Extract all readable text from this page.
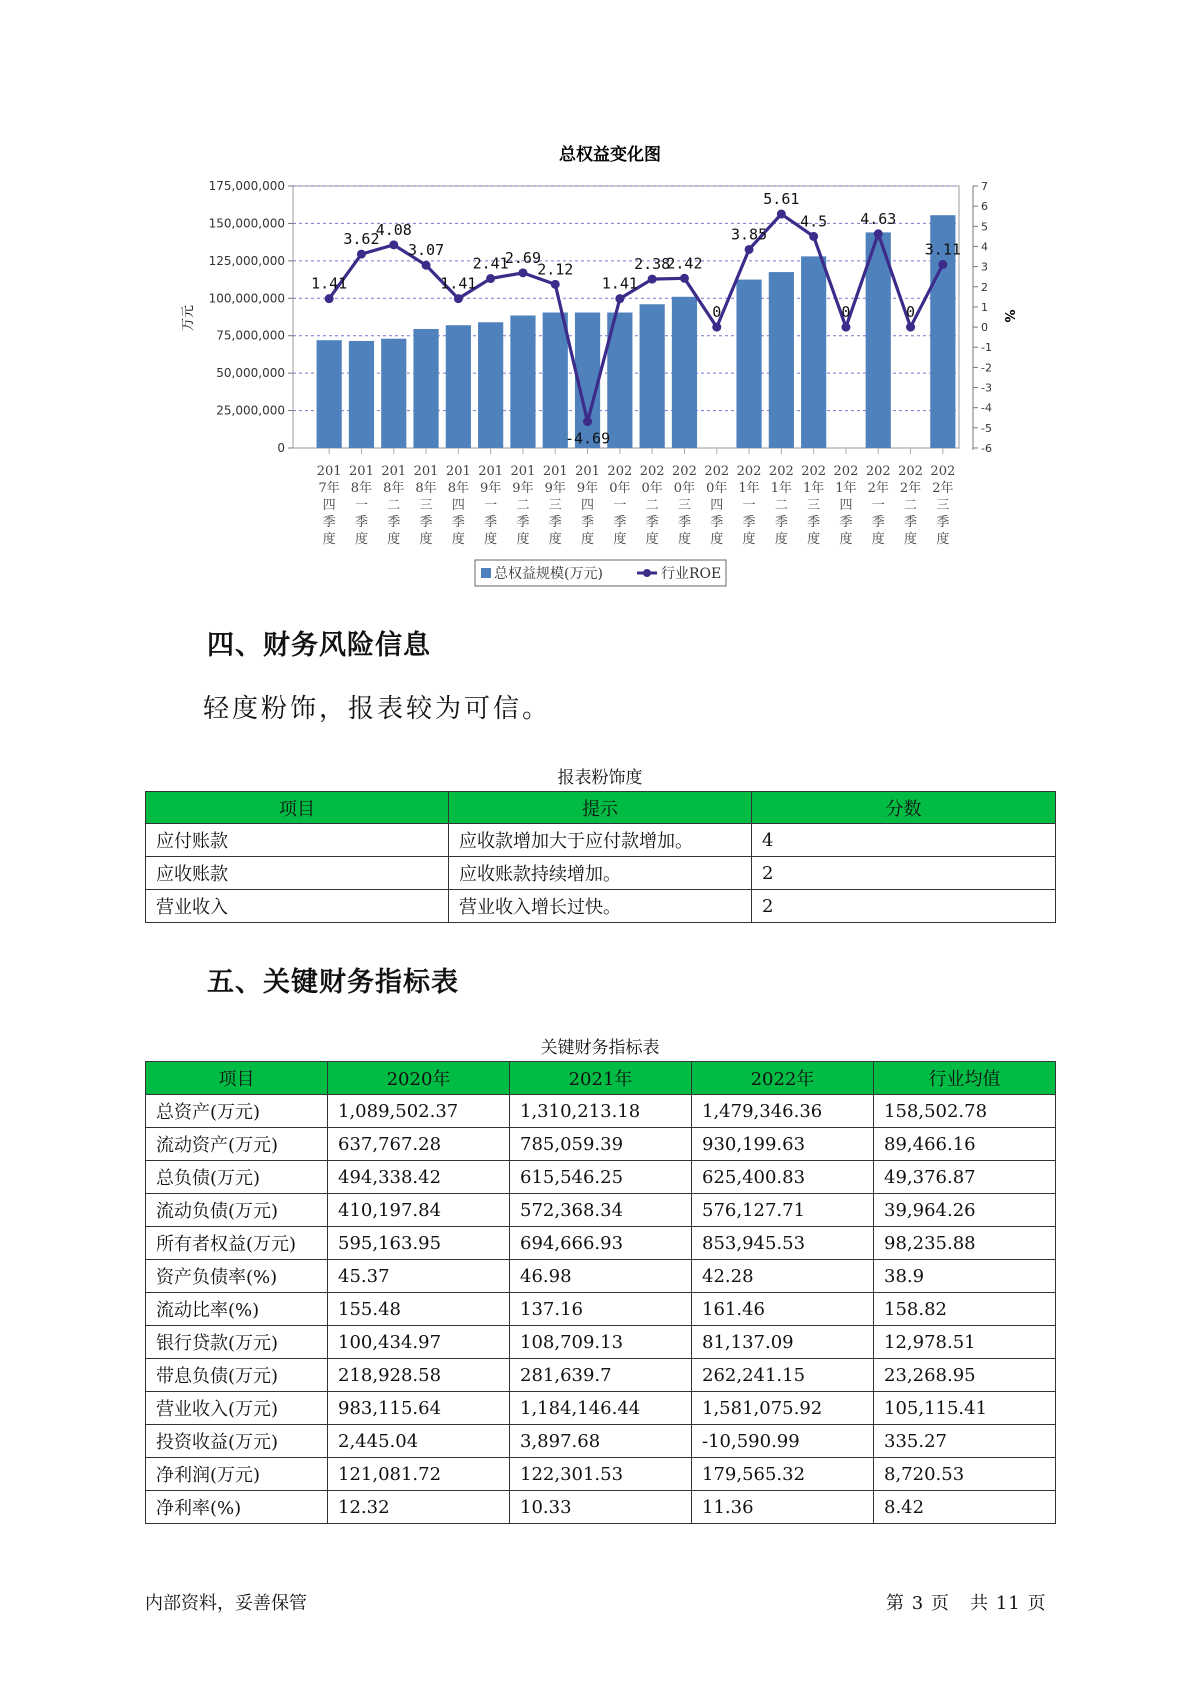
总权益变化图
1.41
3.62
4.08
3.07
1.41
2.41
2.69
2.12
-4.69
1.41
2.38
2.42
0
3.85
5.61
4.5
0
4.63
0
3.11
0
25,000,000
50,000,000
75,000,000
100,000,000
125,000,000
150,000,000
175,000,000
-6
-5
-4
-3
-2
-1
0
1
2
3
4
5
6
7
201
7年
四
季
度
201
8年
一
季
度
201
8年
二
季
度
201
8年
三
季
度
201
8年
四
季
度
201
9年
一
季
度
201
9年
二
季
度
201
9年
三
季
度
201
9年
四
季
度
202
0年
一
季
度
202
0年
二
季
度
202
0年
三
季
度
202
0年
四
季
度
202
1年
一
季
度
202
1年
二
季
度
202
1年
三
季
度
202
1年
四
季
度
202
2年
一
季
度
202
2年
二
季
度
202
2年
三
季
度
万元	%
总权益规模(万元)	行业ROE
四、财务风险信息
轻度粉饰，报表较为可信。
报表粉饰度
项目	提示	分数
应付账款	应收款增加大于应付款增加。	4
应收账款	应收账款持续增加。	2
营业收入	营业收入增长过快。	2
五、关键财务指标表
关键财务指标表
项目	2020年	2021年	2022年	行业均值
总资产(万元)	1,089,502.37	1,310,213.18	1,479,346.36	158,502.78
流动资产(万元)	637,767.28	785,059.39	930,199.63	89,466.16
总负债(万元)	494,338.42	615,546.25	625,400.83	49,376.87
流动负债(万元)	410,197.84	572,368.34	576,127.71	39,964.26
所有者权益(万元)	595,163.95	694,666.93	853,945.53	98,235.88
资产负债率(%)	45.37	46.98	42.28	38.9
流动比率(%)	155.48	137.16	161.46	158.82
银行贷款(万元)	100,434.97	108,709.13	81,137.09	12,978.51
带息负债(万元)	218,928.58	281,639.7	262,241.15	23,268.95
营业收入(万元)	983,115.64	1,184,146.44	1,581,075.92	105,115.41
投资收益(万元)	2,445.04	3,897.68	-10,590.99	335.27
净利润(万元)	121,081.72	122,301.53	179,565.32	8,720.53
净利率(%)	12.32	10.33	11.36	8.42
内部资料，妥善保管	第 3 页 共 11 页
